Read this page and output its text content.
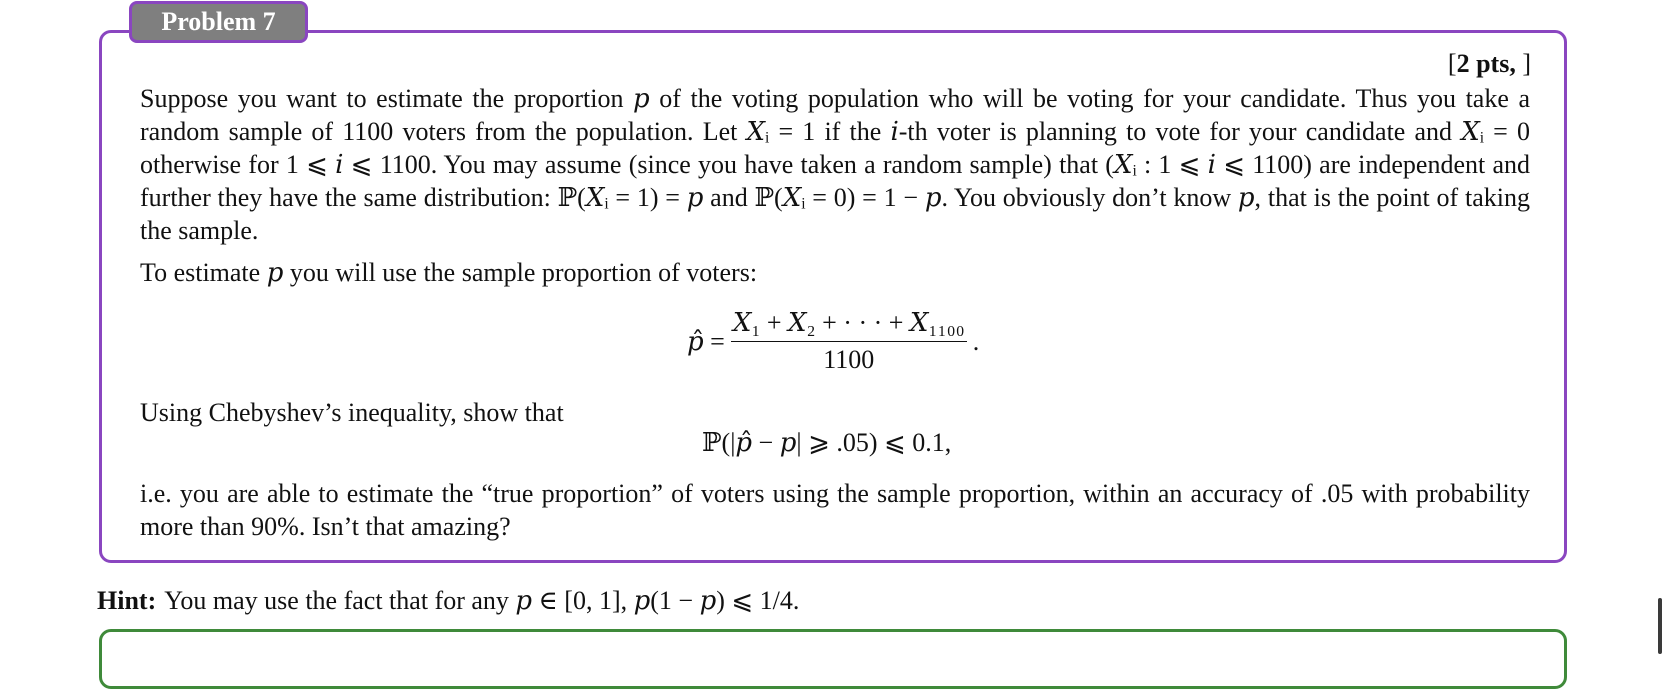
Problem 7
[2 pts, ]
Suppose you want to estimate the proportion 𝑝 of the voting population who will be voting for your candidate. Thus you take a random sample of 1100 voters from the population. Let 𝑋ᵢ = 1 if the 𝑖-th voter is planning to vote for your candidate and 𝑋ᵢ = 0 otherwise for 1 ⩽ 𝑖 ⩽ 1100. You may assume (since you have taken a random sample) that (𝑋ᵢ : 1 ⩽ 𝑖 ⩽ 1100) are independent and further they have the same distribution: ℙ(𝑋ᵢ = 1) = 𝑝 and ℙ(𝑋ᵢ = 0) = 1 − 𝑝. You obviously don’t know 𝑝, that is the point of taking the sample.
To estimate 𝑝 you will use the sample proportion of voters:
𝑝̂ = $\frac{\text{𝑋₁ + 𝑋₂ + · · · + 𝑋₁₁₀₀}}{1100}$ .
Using Chebyshev’s inequality, show that
ℙ(|𝑝̂ − 𝑝| ⩾ .05) ⩽ 0.1,
i.e. you are able to estimate the “true proportion” of voters using the sample proportion, within an accuracy of .05 with probability more than 90%. Isn’t that amazing?
Hint: You may use the fact that for any 𝑝 ∈ [0, 1], 𝑝(1 − 𝑝) ⩽ 1/4.
